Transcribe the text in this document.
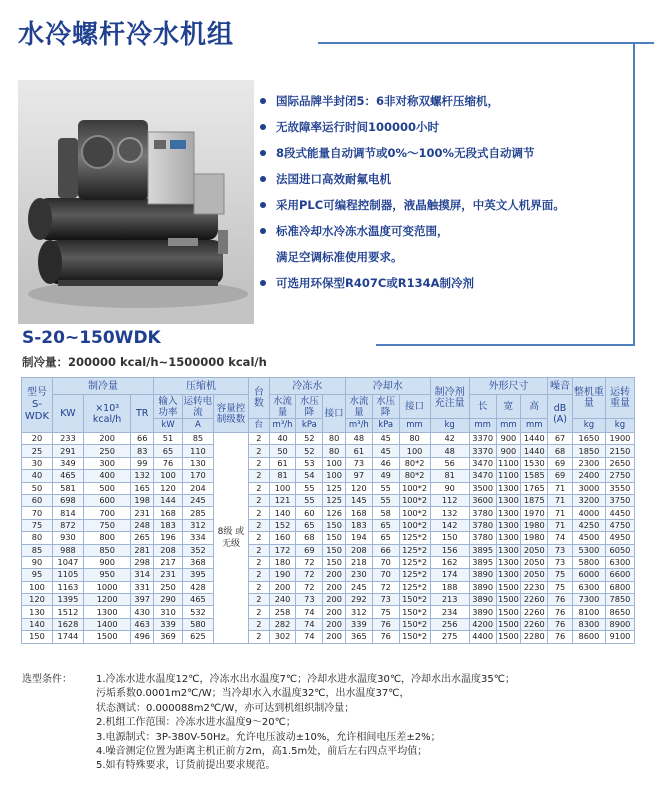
水冷螺杆冷水机组
国际品牌半封闭5：6非对称双螺杆压缩机，
无故障率运行时间100000小时
8段式能量自动调节或0%～100%无段式自动调节
法国进口高效耐氟电机
采用PLC可编程控制器，液晶触摸屏，中英文人机界面。
标准冷却水冷冻水温度可变范围，
满足空调标准使用要求。
可选用环保型R407C或R134A制冷剂
S-20~150WDK
制冷量：200000 kcal/h~1500000 kcal/h
型号 S- WDK	制冷量			压缩机			台数	冷冻水			冷却水			制冷剂充注量	外形尺寸			噪音	整机重量	运转重量
	KW	×10³ kcal/h	TR	输入功率	运转电流	容量控制级数		水流量	水压降	接口	水流量	水压降	接口		长	宽	高	dB (A)		
				kW	A		台	m³/h	kPa		m³/h	kPa	mm	kg	mm	mm	mm		kg	kg
20	233	200	66	51	85	8级 或 无级	2	40	52	80	48	45	80	42	3370	900	1440	67	1650	1900
25	291	250	83	65	110		2	50	52	80	61	45	100	48	3370	900	1440	68	1850	2150
30	349	300	99	76	130		2	61	53	100	73	46	80*2	56	3470	1100	1530	69	2300	2650
40	465	400	132	100	170		2	81	54	100	97	49	80*2	81	3470	1100	1585	69	2400	2750
50	581	500	165	120	204		2	100	55	125	120	55	100*2	90	3500	1300	1765	71	3000	3550
60	698	600	198	144	245		2	121	55	125	145	55	100*2	112	3600	1300	1875	71	3200	3750
70	814	700	231	168	285		2	140	60	126	168	58	100*2	132	3780	1300	1970	71	4000	4450
75	872	750	248	183	312		2	152	65	150	183	65	100*2	142	3780	1300	1980	71	4250	4750
80	930	800	265	196	334		2	160	68	150	194	65	125*2	150	3780	1300	1980	74	4500	4950
85	988	850	281	208	352		2	172	69	150	208	66	125*2	156	3895	1300	2050	73	5300	6050
90	1047	900	298	217	368		2	180	72	150	218	70	125*2	162	3895	1300	2050	73	5800	6300
95	1105	950	314	231	395		2	190	72	200	230	70	125*2	174	3890	1300	2050	75	6000	6600
100	1163	1000	331	250	428		2	200	72	200	245	72	125*2	188	3890	1500	2230	75	6300	6800
120	1395	1200	397	290	465		2	240	73	200	292	73	150*2	213	3890	1500	2260	76	7300	7850
130	1512	1300	430	310	532		2	258	74	200	312	75	150*2	234	3890	1500	2260	76	8100	8650
140	1628	1400	463	339	580		2	282	74	200	339	76	150*2	256	4200	1500	2260	76	8300	8900
150	1744	1500	496	369	625		2	302	74	200	365	76	150*2	275	4400	1500	2280	76	8600	9100
选型条件： 1.冷冻水进水温度12℃，冷冻水出水温度7℃；冷却水进水温度30℃，冷却水出水温度35℃；
污垢系数0.0001m2℃/W；当冷却水入水温度32℃，出水温度37℃，
状态测试：0.000088m2℃/W，亦可达到机组织制冷量；
2.机组工作范围：冷冻水进水温度9～20℃；
3.电源制式：3P-380V-50Hz。允许电压波动±10%，允许相间电压差±2%；
4.噪音测定位置为距离主机正前方2m，高1.5m处，前后左右四点平均值；
5.如有特殊要求，订货前提出要求规范。
